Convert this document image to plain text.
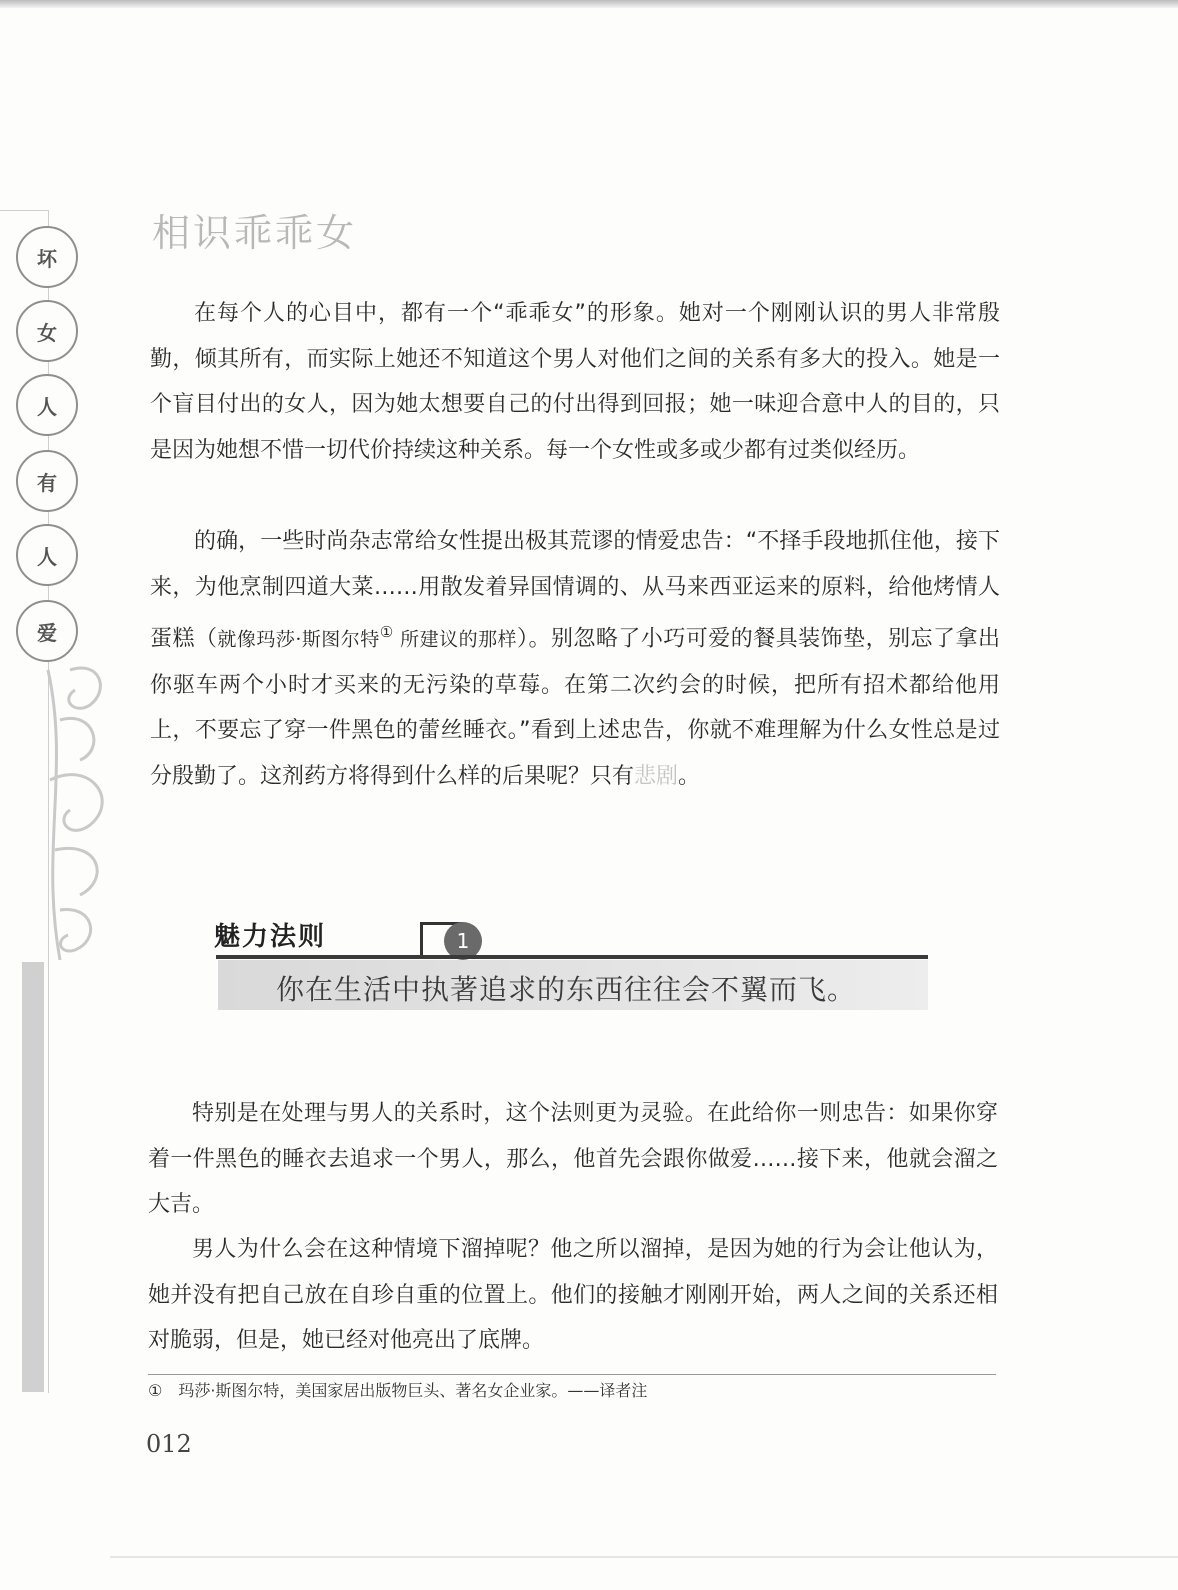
坏
女
人
有
人
爱
相识乖乖女

在每个人的心目中，都有一个“乖乖女”的形象。她对一个刚刚认识的男人非常殷勤，倾其所有，而实际上她还不知道这个男人对他们之间的关系有多大的投入。她是一个盲目付出的女人，因为她太想要自己的付出得到回报；她一味迎合意中人的目的，只是因为她想不惜一切代价持续这种关系。每一个女性或多或少都有过类似经历。

的确，一些时尚杂志常给女性提出极其荒谬的情爱忠告：“不择手段地抓住他，接下来，为他烹制四道大菜……用散发着异国情调的、从马来西亚运来的原料，给他烤情人蛋糕（就像玛莎·斯图尔特① 所建议的那样）。别忽略了小巧可爱的餐具装饰垫，别忘了拿出你驱车两个小时才买来的无污染的草莓。在第二次约会的时候，把所有招术都给他用上，不要忘了穿一件黑色的蕾丝睡衣。”看到上述忠告，你就不难理解为什么女性总是过分殷勤了。这剂药方将得到什么样的后果呢？只有悲剧。

魅力法则	1
你在生活中执著追求的东西往往会不翼而飞。

特别是在处理与男人的关系时，这个法则更为灵验。在此给你一则忠告：如果你穿着一件黑色的睡衣去追求一个男人，那么，他首先会跟你做爱……接下来，他就会溜之大吉。

男人为什么会在这种情境下溜掉呢？他之所以溜掉，是因为她的行为会让他认为，她并没有把自己放在自珍自重的位置上。他们的接触才刚刚开始，两人之间的关系还相对脆弱，但是，她已经对他亮出了底牌。

①　玛莎·斯图尔特，美国家居出版物巨头、著名女企业家。——译者注
012
